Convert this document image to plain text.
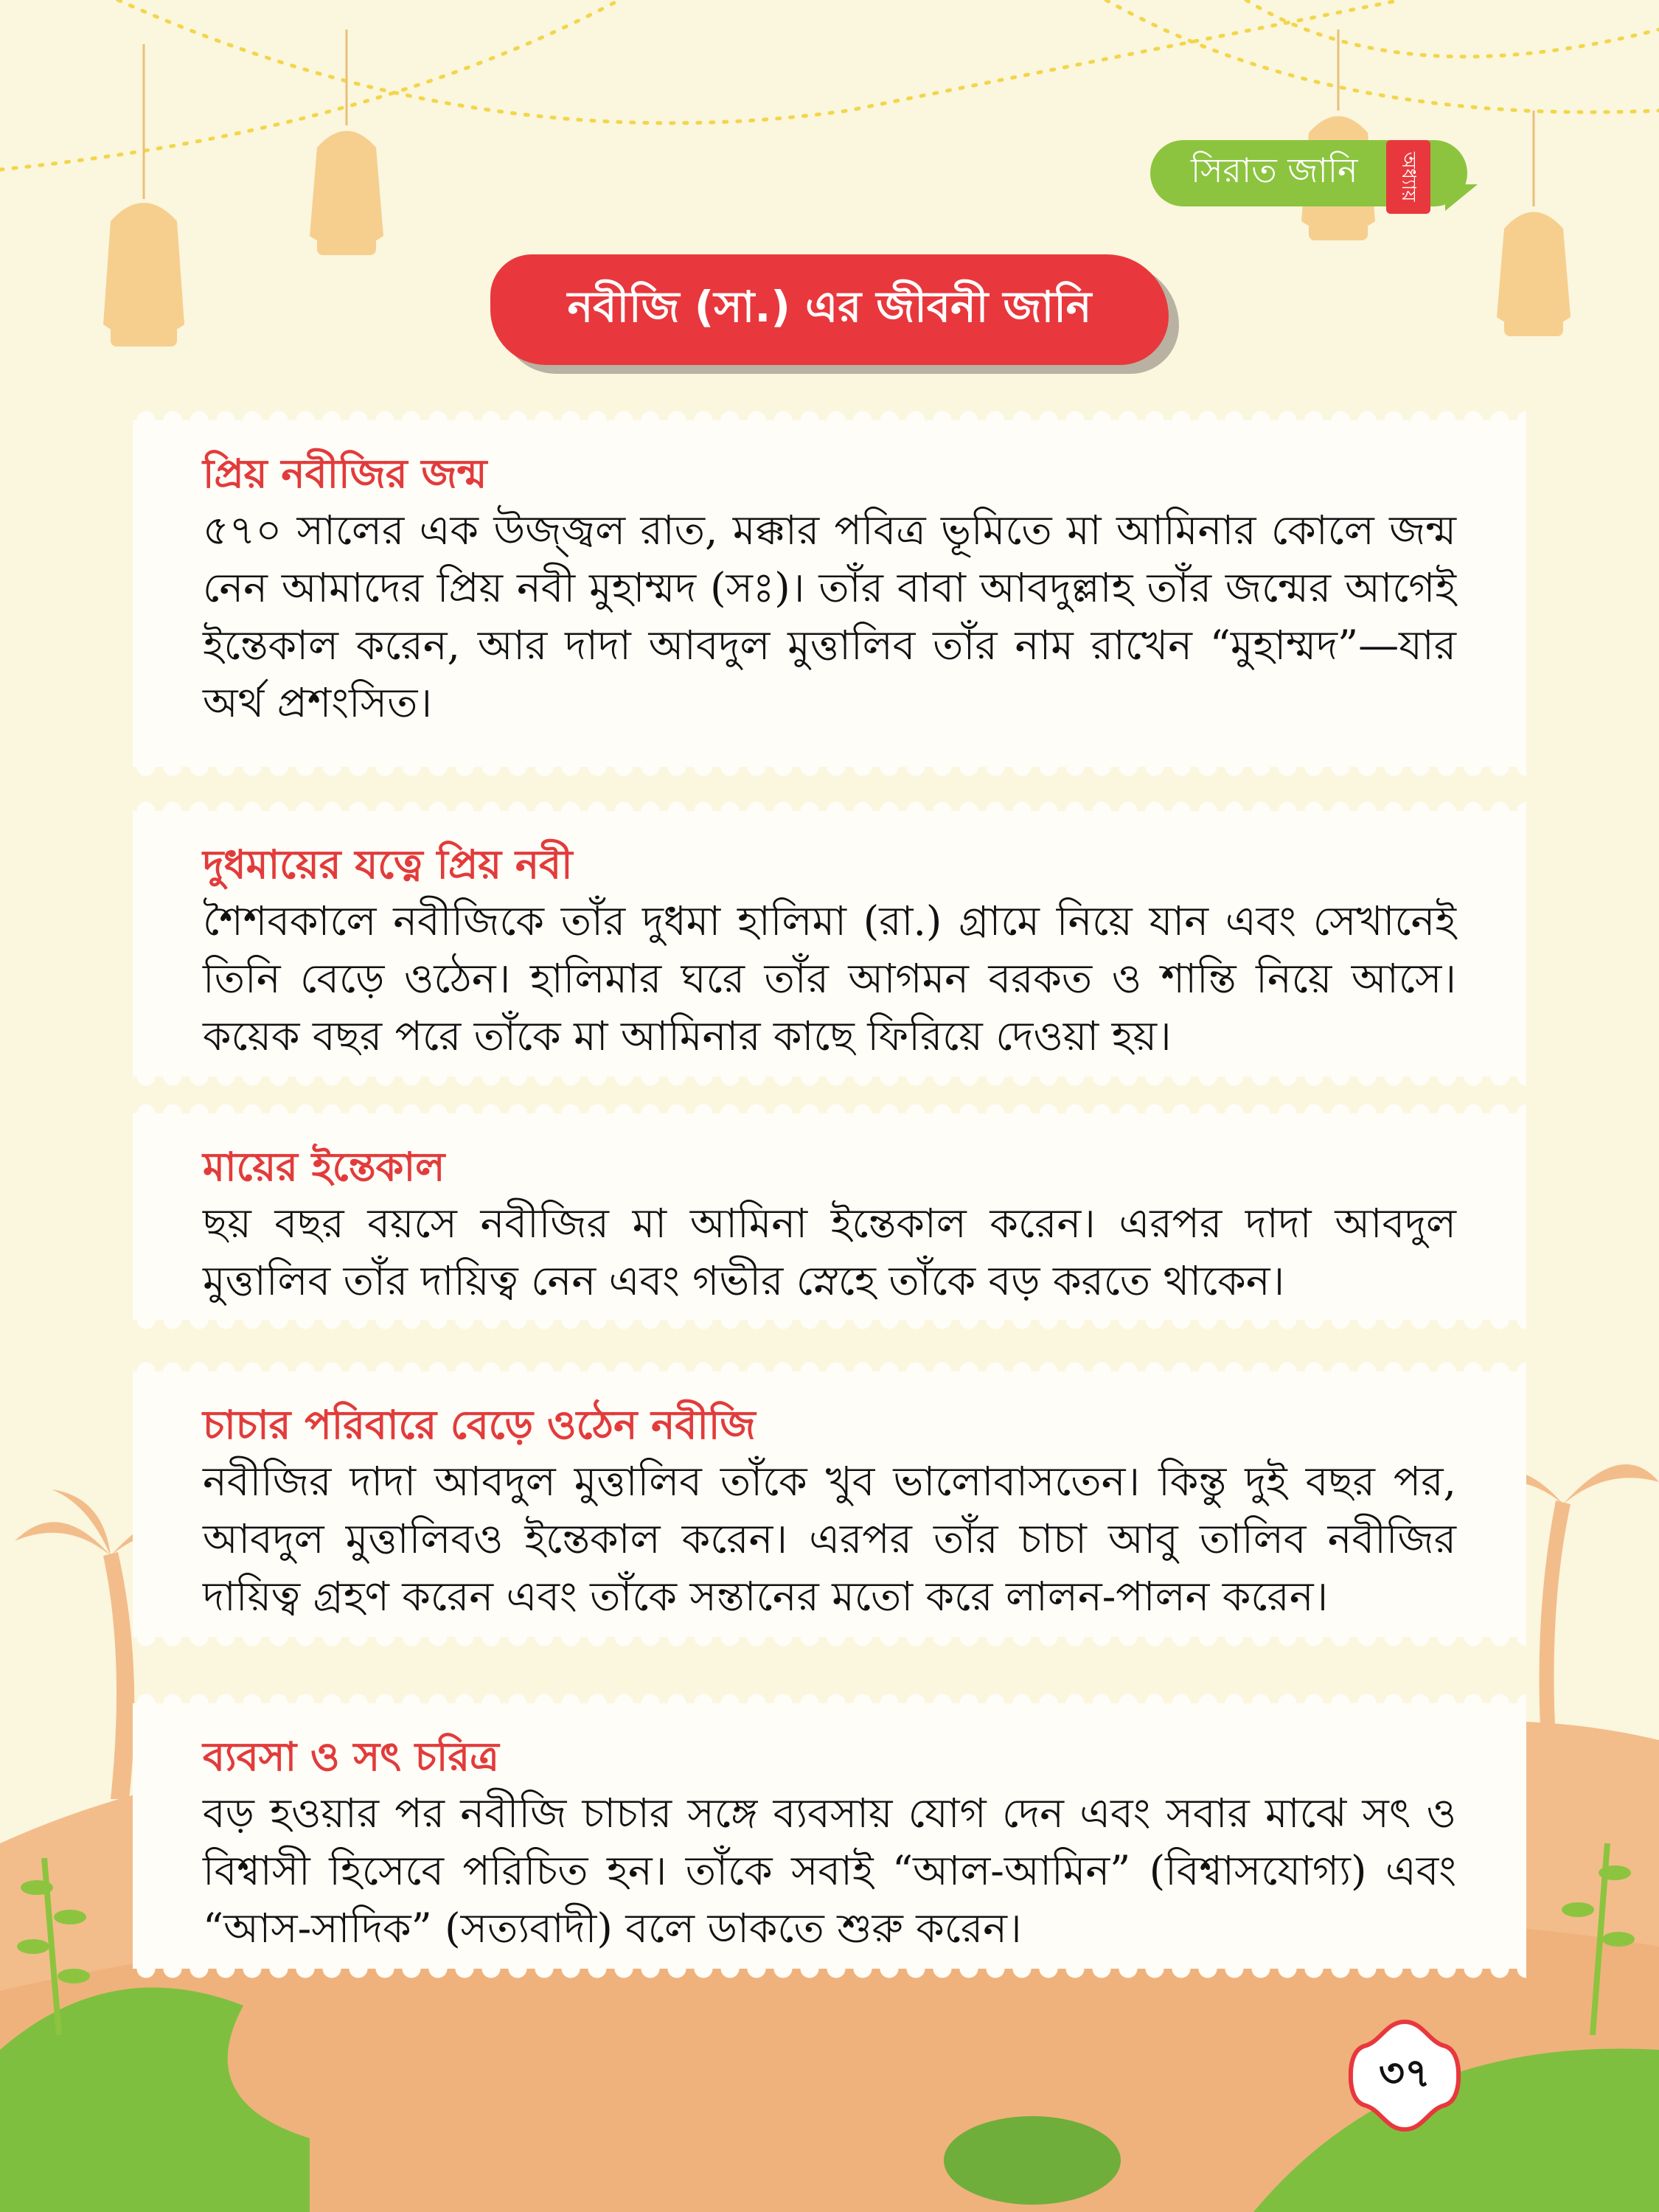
সিরাত জানি	অধ্যায়
নবীজি (সা.) এর জীবনী জানি
প্রিয় নবীজির জন্ম

৫৭০ সালের এক উজ্জ্বল রাত, মক্কার পবিত্র ভূমিতে মা আমিনার কোলে জন্ম নেন আমাদের প্রিয় নবী মুহাম্মদ (সঃ)। তাঁর বাবা আবদুল্লাহ তাঁর জন্মের আগেই ইন্তেকাল করেন, আর দাদা আবদুল মুত্তালিব তাঁর নাম রাখেন “মুহাম্মদ”—যার অর্থ প্রশংসিত।

দুধমায়ের যত্নে প্রিয় নবী

শৈশবকালে নবীজিকে তাঁর দুধমা হালিমা (রা.) গ্রামে নিয়ে যান এবং সেখানেই তিনি বেড়ে ওঠেন। হালিমার ঘরে তাঁর আগমন বরকত ও শান্তি নিয়ে আসে। কয়েক বছর পরে তাঁকে মা আমিনার কাছে ফিরিয়ে দেওয়া হয়।

মায়ের ইন্তেকাল

ছয় বছর বয়সে নবীজির মা আমিনা ইন্তেকাল করেন। এরপর দাদা আবদুল মুত্তালিব তাঁর দায়িত্ব নেন এবং গভীর স্নেহে তাঁকে বড় করতে থাকেন।

চাচার পরিবারে বেড়ে ওঠেন নবীজি

নবীজির দাদা আবদুল মুত্তালিব তাঁকে খুব ভালোবাসতেন। কিন্তু দুই বছর পর, আবদুল মুত্তালিবও ইন্তেকাল করেন। এরপর তাঁর চাচা আবু তালিব নবীজির দায়িত্ব গ্রহণ করেন এবং তাঁকে সন্তানের মতো করে লালন-পালন করেন।

ব্যবসা ও সৎ চরিত্র

বড় হওয়ার পর নবীজি চাচার সঙ্গে ব্যবসায় যোগ দেন এবং সবার মাঝে সৎ ও বিশ্বাসী হিসেবে পরিচিত হন। তাঁকে সবাই “আল-আমিন” (বিশ্বাসযোগ্য) এবং “আস-সাদিক” (সত্যবাদী) বলে ডাকতে শুরু করেন।

৩৭
